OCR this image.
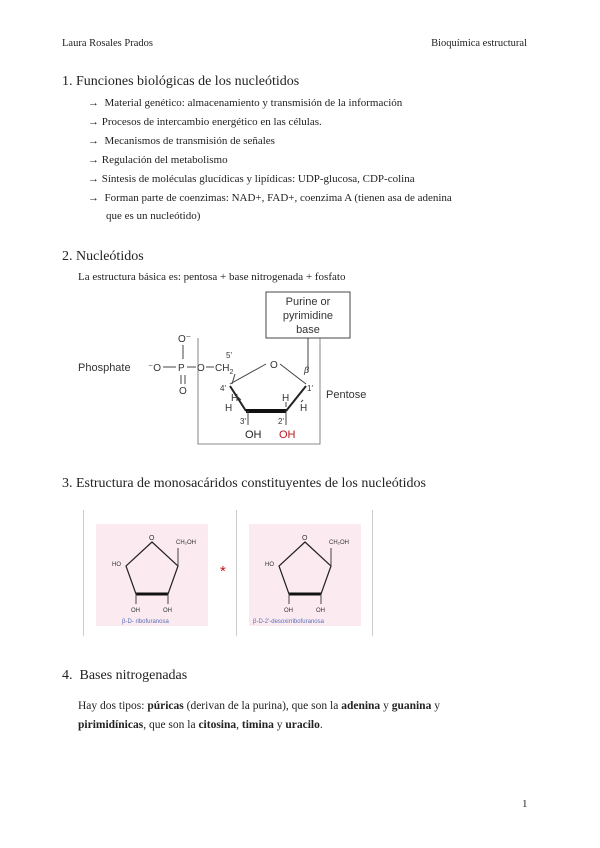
Laura Rosales Prados	Bioquímica estructural
1. Funciones biológicas de los nucleótidos
→ Material genético: almacenamiento y transmisión de la información
→ Procesos de intercambio energético en las células.
→ Mecanismos de transmisión de señales
→ Regulación del metabolismo
→ Síntesis de moléculas glucídicas y lipídicas: UDP-glucosa, CDP-colina
→ Forman parte de coenzimas: NAD+, FAD+, coenzima A (tienen asa de adenina
que es un nucleótido)
2. Nucleótidos
La estructura básica es: pentosa + base nitrogenada + fosfato
Purine or
pyrimidine
base
Phosphate
O⁻
⁻O P O
O
5'
$CH_2$
O
4'	1'
β
H
H
H
H
3'	2'
OH OH
Pentose
3. Estructura de monosacáridos constituyentes de los nucleótidos
O
HO
CH₂OH
OH	OH
β-D- ribofuranosa
*
O
HO
CH₂OH
OH	OH
β-D-2'-desoxirribofuranosa
4. Bases nitrogenadas
Hay dos tipos: púricas (derivan de la purina), que son la adenina y guanina y
pirimidínicas, que son la citosina, timina y uracilo.
1
